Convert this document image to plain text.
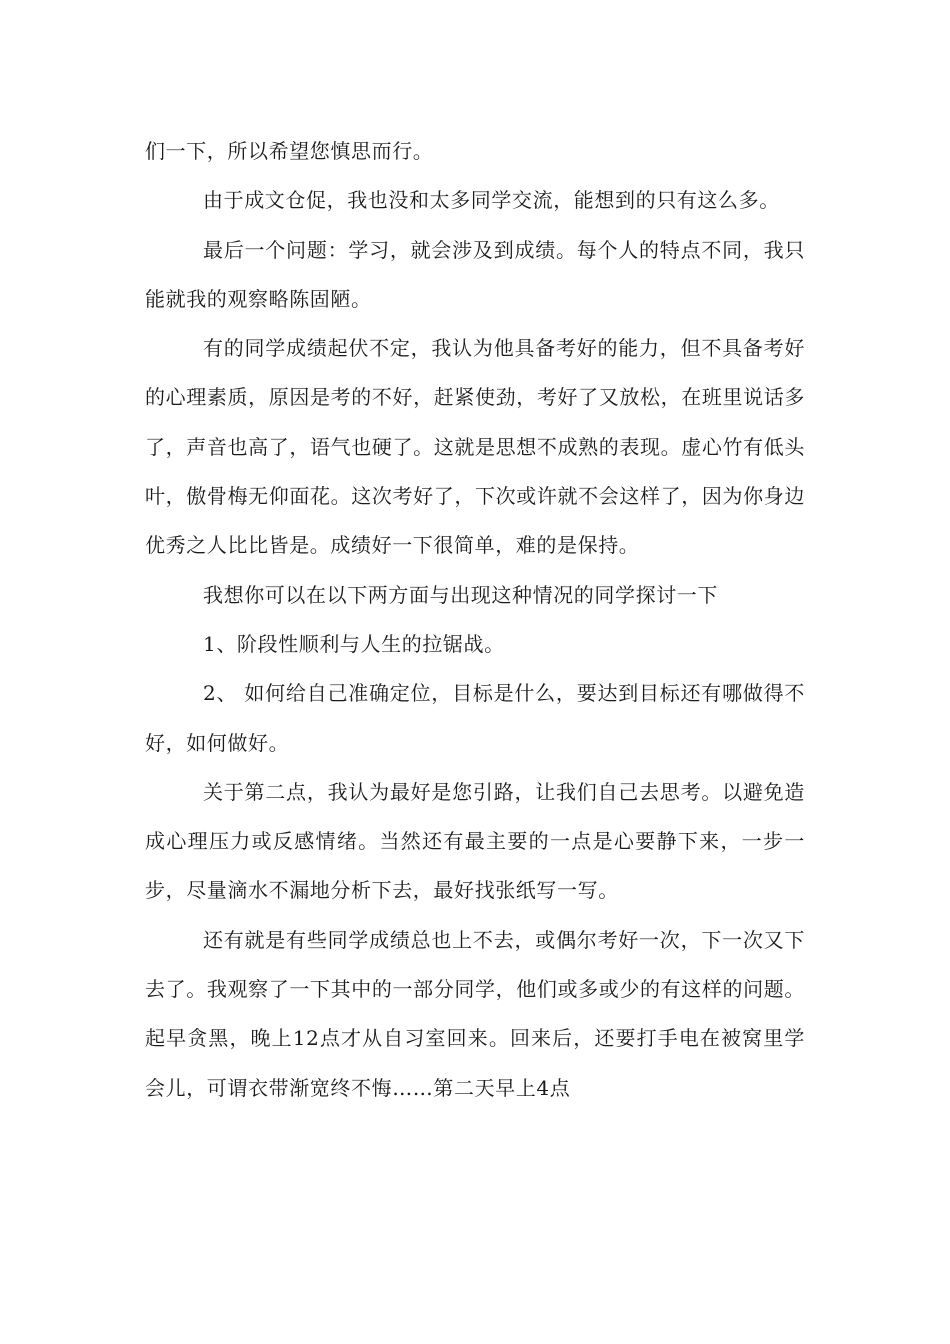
们一下，所以希望您慎思而行。

由于成文仓促，我也没和太多同学交流，能想到的只有这么多。

最后一个问题：学习，就会涉及到成绩。每个人的特点不同，我只能就我的观察略陈固陋。

有的同学成绩起伏不定，我认为他具备考好的能力，但不具备考好的心理素质，原因是考的不好，赶紧使劲，考好了又放松，在班里说话多了，声音也高了，语气也硬了。这就是思想不成熟的表现。虚心竹有低头叶，傲骨梅无仰面花。这次考好了，下次或许就不会这样了，因为你身边优秀之人比比皆是。成绩好一下很简单，难的是保持。

我想你可以在以下两方面与出现这种情况的同学探讨一下

1、阶段性顺利与人生的拉锯战。

2、 如何给自己准确定位，目标是什么，要达到目标还有哪做得不好，如何做好。

关于第二点，我认为最好是您引路，让我们自己去思考。以避免造成心理压力或反感情绪。当然还有最主要的一点是心要静下来，一步一步，尽量滴水不漏地分析下去，最好找张纸写一写。

还有就是有些同学成绩总也上不去，或偶尔考好一次，下一次又下去了。我观察了一下其中的一部分同学，他们或多或少的有这样的问题。起早贪黑，晚上12点才从自习室回来。回来后，还要打手电在被窝里学会儿，可谓衣带渐宽终不悔……第二天早上4点
